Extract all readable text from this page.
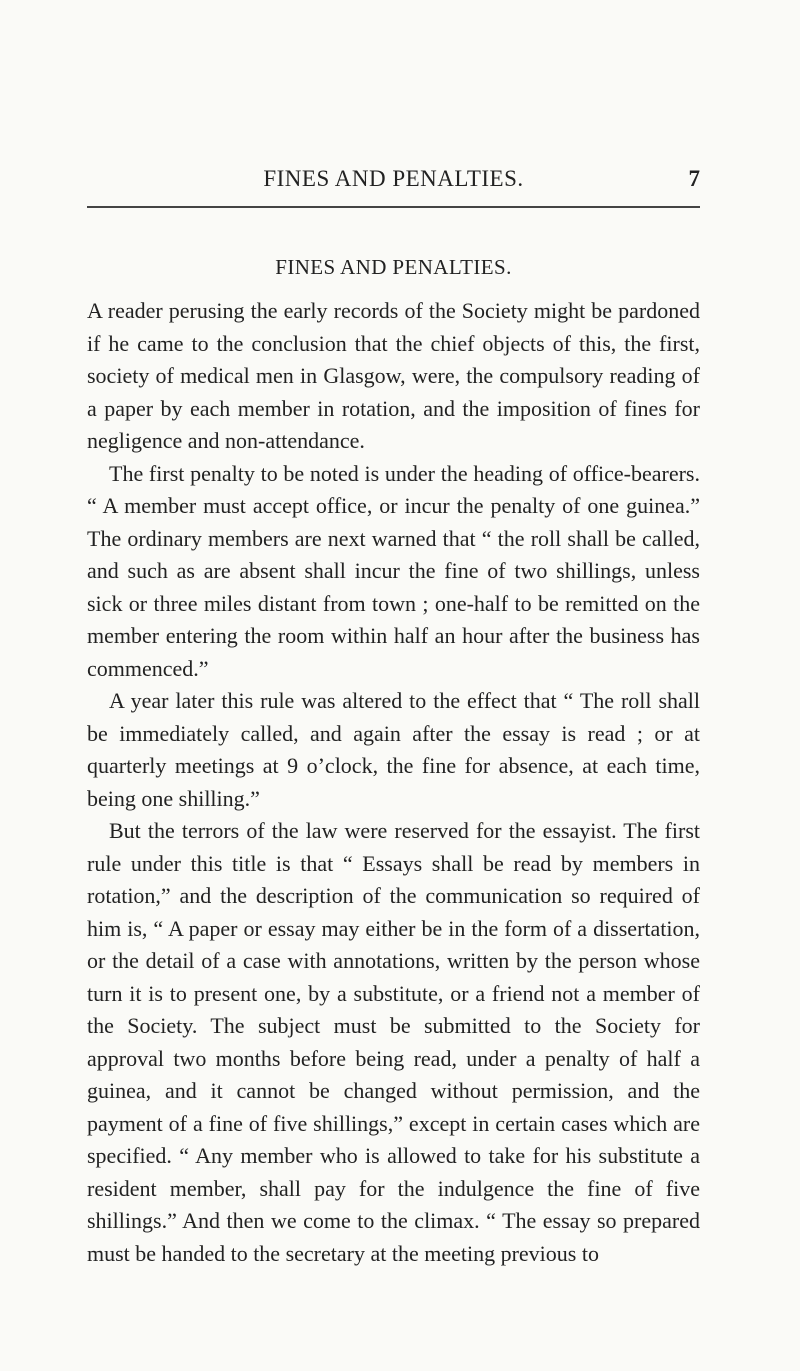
FINES AND PENALTIES.	7
FINES AND PENALTIES.

A reader perusing the early records of the Society might be pardoned if he came to the conclusion that the chief objects of this, the first, society of medical men in Glasgow, were, the compulsory reading of a paper by each member in rotation, and the imposition of fines for negligence and non-attendance.

The first penalty to be noted is under the heading of office-bearers. “ A member must accept office, or incur the penalty of one guinea.” The ordinary members are next warned that “ the roll shall be called, and such as are absent shall incur the fine of two shillings, unless sick or three miles distant from town ; one-half to be remitted on the member entering the room within half an hour after the business has commenced.”

A year later this rule was altered to the effect that “ The roll shall be immediately called, and again after the essay is read ; or at quarterly meetings at 9 o’clock, the fine for absence, at each time, being one shilling.”

But the terrors of the law were reserved for the essayist. The first rule under this title is that “ Essays shall be read by members in rotation,” and the description of the communication so required of him is, “ A paper or essay may either be in the form of a dissertation, or the detail of a case with annotations, written by the person whose turn it is to present one, by a substitute, or a friend not a member of the Society. The subject must be submitted to the Society for approval two months before being read, under a penalty of half a guinea, and it cannot be changed without permission, and the payment of a fine of five shillings,” except in certain cases which are specified. “ Any member who is allowed to take for his substitute a resident member, shall pay for the indulgence the fine of five shillings.” And then we come to the climax. “ The essay so prepared must be handed to the secretary at the meeting previous to
